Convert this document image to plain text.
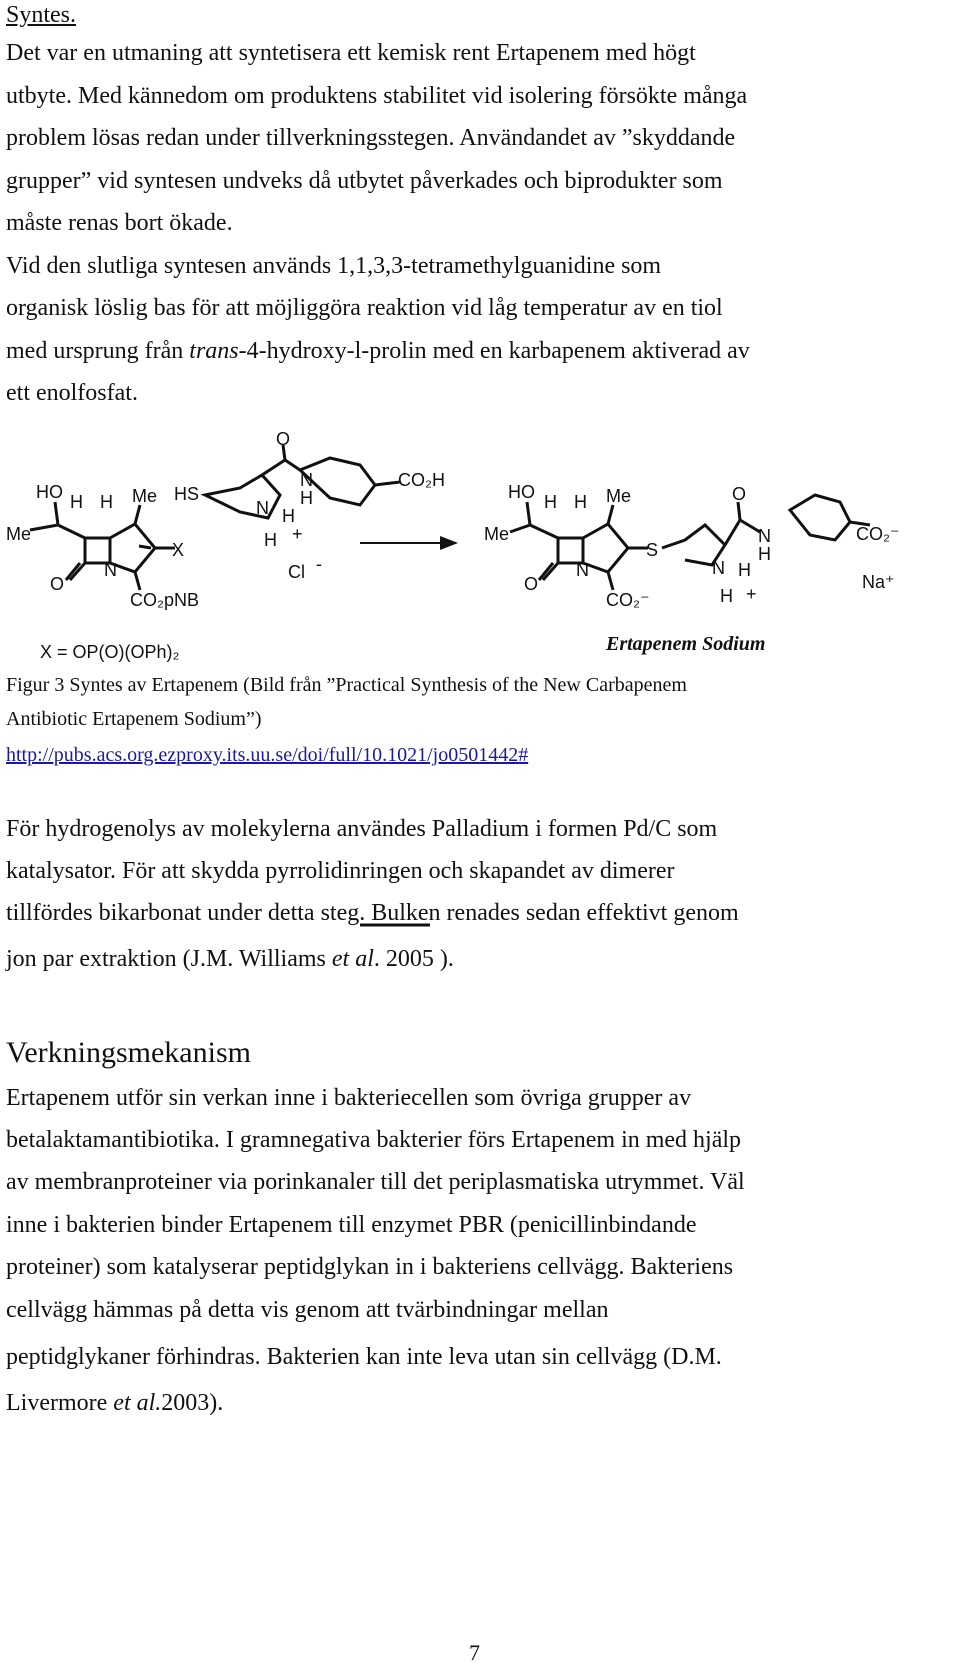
Syntes.
Det var en utmaning att syntetisera ett kemisk rent Ertapenem med högt
utbyte. Med kännedom om produktens stabilitet vid isolering försökte många
problem lösas redan under tillverkningsstegen. Användandet av ”skyddande
grupper” vid syntesen undveks då utbytet påverkades och biprodukter som
måste renas bort ökade.
Vid den slutliga syntesen används 1,1,3,3-tetramethylguanidine som
organisk löslig bas för att möjliggöra reaktion vid låg temperatur av en tiol
med ursprung från trans-4-hydroxy-l-prolin med en karbapenem aktiverad av
ett enolfosfat.
HO H H Me
Me
N
O
X
CO₂pNB
HS
O
N
H
N H
H +
CO₂H
Cl -
HO H H Me
Me
N
O
S
CO₂⁻
N H
H +
O
N
H
CO₂⁻
Na⁺
X = OP(O)(OPh)₂	Ertapenem Sodium
Figur 3 Syntes av Ertapenem (Bild från ”Practical Synthesis of the New Carbapenem
Antibiotic Ertapenem Sodium”)
http://pubs.acs.org.ezproxy.its.uu.se/doi/full/10.1021/jo0501442#
För hydrogenolys av molekylerna användes Palladium i formen Pd/C som
katalysator. För att skydda pyrrolidinringen och skapandet av dimerer
tillfördes bikarbonat under detta steg. Bulken renades sedan effektivt genom
jon par extraktion (J.M. Williams et al. 2005 ).
Verkningsmekanism
Ertapenem utför sin verkan inne i bakteriecellen som övriga grupper av
betalaktamantibiotika. I gramnegativa bakterier förs Ertapenem in med hjälp
av membranproteiner via porinkanaler till det periplasmatiska utrymmet. Väl
inne i bakterien binder Ertapenem till enzymet PBR (penicillinbindande
proteiner) som katalyserar peptidglykan in i bakteriens cellvägg. Bakteriens
cellvägg hämmas på detta vis genom att tvärbindningar mellan
peptidglykaner förhindras. Bakterien kan inte leva utan sin cellvägg (D.M.
Livermore et al.2003).
7
